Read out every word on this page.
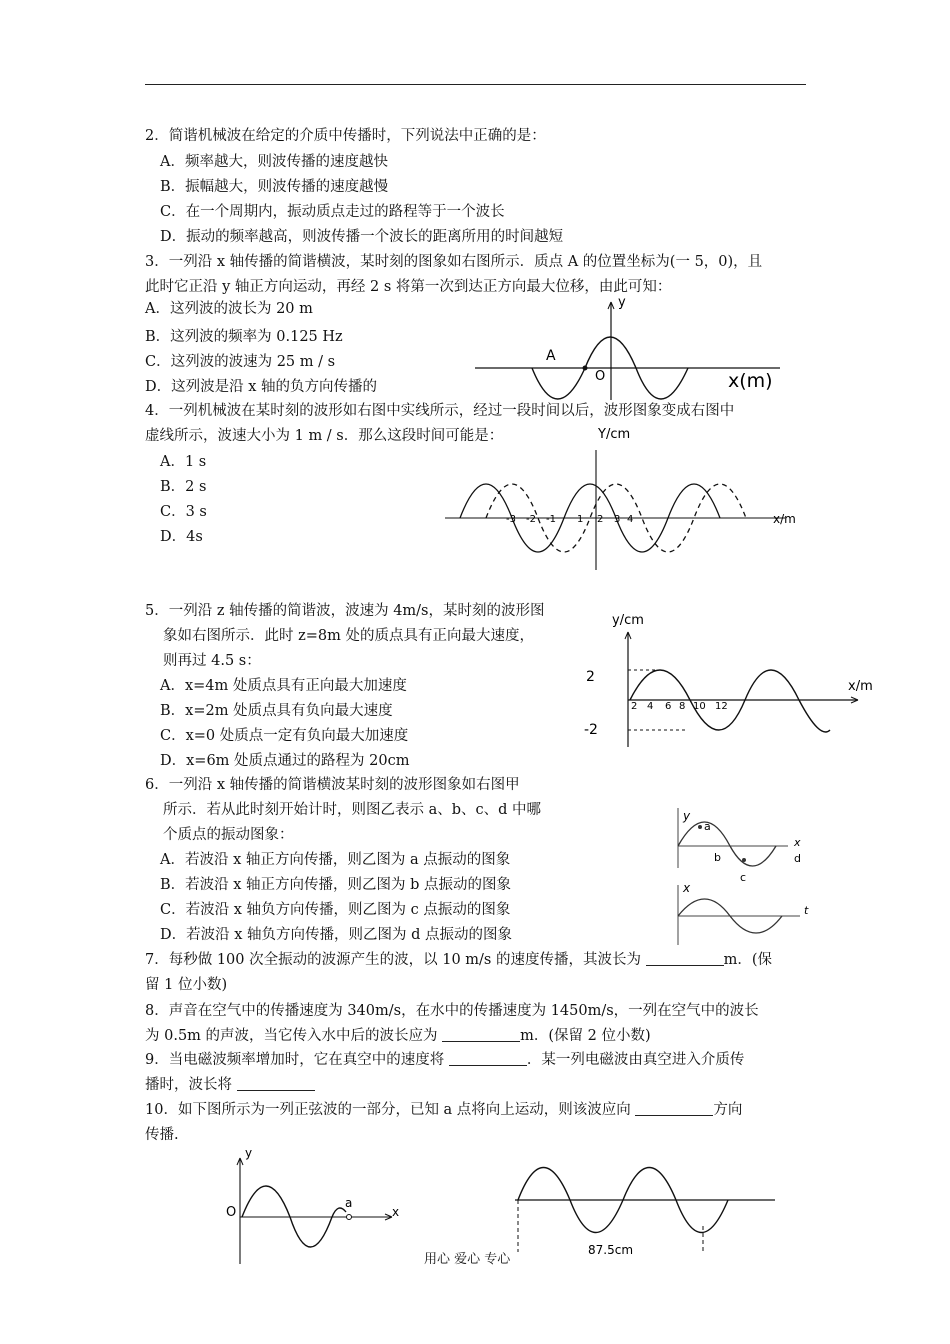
2．简谐机械波在给定的介质中传播时，下列说法中正确的是：
A．频率越大，则波传播的速度越快
B．振幅越大，则波传播的速度越慢
C．在一个周期内，振动质点走过的路程等于一个波长
D．振动的频率越高，则波传播一个波长的距离所用的时间越短
3．一列沿 x 轴传播的简谐横波，某时刻的图象如右图所示．质点 A 的位置坐标为(一 5，0)，且
此时它正沿 y 轴正方向运动，再经 2 s 将第一次到达正方向最大位移，由此可知：
A．这列波的波长为 20 m
B．这列波的频率为 0.125 Hz
C．这列波的波速为 25 m / s
D．这列波是沿 x 轴的负方向传播的
y
A
O	x(m)
4．一列机械波在某时刻的波形如右图中实线所示，经过一段时间以后，波形图象变成右图中
虚线所示，波速大小为 1 m / s．那么这段时间可能是：
A．1 s
B．2 s
C．3 s
D．4s
Y/cm
x/m
-3 -2 -1 1 2 3 4
5．一列沿 z 轴传播的简谐波，波速为 4m/s，某时刻的波形图
象如右图所示．此时 z=8m 处的质点具有正向最大速度，
则再过 4.5 s：
A．x=4m 处质点具有正向最大加速度
B．x=2m 处质点具有负向最大速度
C．x=0 处质点一定有负向最大加速度
D．x=6m 处质点通过的路程为 20cm
y/cm
x/m
2
-2
2 4 6 8 10 12
6．一列沿 x 轴传播的简谐横波某时刻的波形图象如右图甲
所示．若从此时刻开始计时，则图乙表示 a、b、c、d 中哪
个质点的振动图象：
A．若波沿 x 轴正方向传播，则乙图为 a 点振动的图象
B．若波沿 x 轴正方向传播，则乙图为 b 点振动的图象
C．若波沿 x 轴负方向传播，则乙图为 c 点振动的图象
D．若波沿 x 轴负方向传播，则乙图为 d 点振动的图象
y
x
a
b
c
d
x
t
7．每秒做 100 次全振动的波源产生的波，以 10 m/s 的速度传播，其波长为	m．(保
留 1 位小数)
8．声音在空气中的传播速度为 340m/s，在水中的传播速度为 1450m/s，一列在空气中的波长
为 0.5m 的声波，当它传入水中后的波长应为	m．(保留 2 位小数)
9．当电磁波频率增加时，它在真空中的速度将	．某一列电磁波由真空进入介质传
播时，波长将
10．如下图所示为一列正弦波的一部分，已知 a 点将向上运动，则该波应向	方向
传播.
y
O
a
x
87.5cm
用心 爱心 专心
